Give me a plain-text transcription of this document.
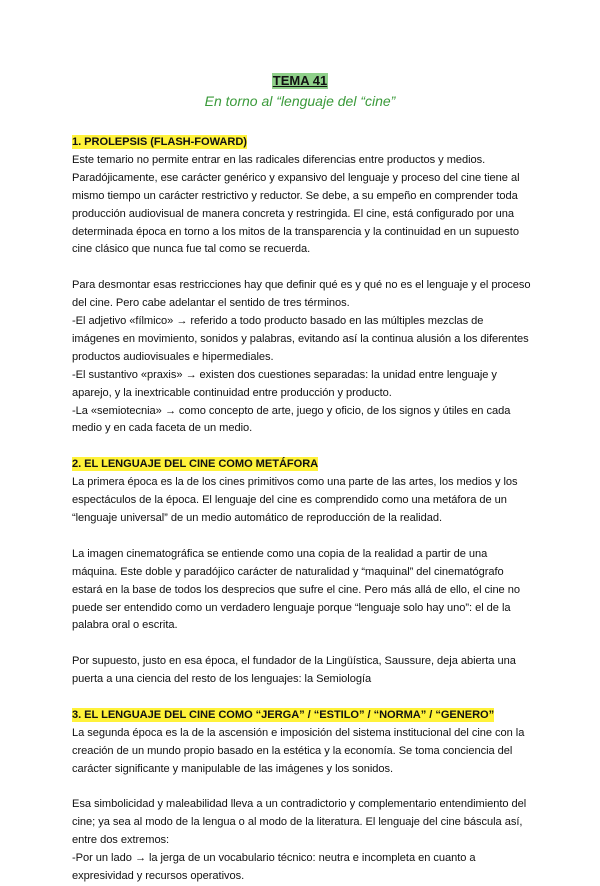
TEMA 41
En torno al “lenguaje del “cine”
1. PROLEPSIS (FLASH-FOWARD)

Este temario no permite entrar en las radicales diferencias entre productos y medios. Paradójicamente, ese carácter genérico y expansivo del lenguaje y proceso del cine tiene al mismo tiempo un carácter restrictivo y reductor. Se debe, a su empeño en comprender toda producción audiovisual de manera concreta y restringida. El cine, está configurado por una determinada época en torno a los mitos de la transparencia y la continuidad en un supuesto cine clásico que nunca fue tal como se recuerda.

Para desmontar esas restricciones hay que definir qué es y qué no es el lenguaje y el proceso del cine. Pero cabe adelantar el sentido de tres términos.
-El adjetivo «fílmico» → referido a todo producto basado en las múltiples mezclas de imágenes en movimiento, sonidos y palabras, evitando así la continua alusión a los diferentes productos audiovisuales e hipermediales.
-El sustantivo «praxis» → existen dos cuestiones separadas: la unidad entre lenguaje y aparejo, y la inextricable continuidad entre producción y producto.
-La «semiotecnia» → como concepto de arte, juego y oficio, de los signos y útiles en cada medio y en cada faceta de un medio.

2. EL LENGUAJE DEL CINE COMO METÁFORA

La primera época es la de los cines primitivos como una parte de las artes, los medios y los espectáculos de la época. El lenguaje del cine es comprendido como una metáfora de un “lenguaje universal” de un medio automático de reproducción de la realidad.

La imagen cinematográfica se entiende como una copia de la realidad a partir de una máquina. Este doble y paradójico carácter de naturalidad y “maquinal” del cinematógrafo estará en la base de todos los desprecios que sufre el cine. Pero más allá de ello, el cine no puede ser entendido como un verdadero lenguaje porque “lenguaje solo hay uno”: el de la palabra oral o escrita.

Por supuesto, justo en esa época, el fundador de la Lingüística, Saussure, deja abierta una puerta a una ciencia del resto de los lenguajes: la Semiología

3. EL LENGUAJE DEL CINE COMO “JERGA” / “ESTILO” / “NORMA” / “GENERO”

La segunda época es la de la ascensión e imposición del sistema institucional del cine con la creación de un mundo propio basado en la estética y la economía. Se toma conciencia del carácter significante y manipulable de las imágenes y los sonidos.

Esa simbolicidad y maleabilidad lleva a un contradictorio y complementario entendimiento del cine; ya sea al modo de la lengua o al modo de la literatura. El lenguaje del cine báscula así, entre dos extremos:
-Por un lado → la jerga de un vocabulario técnico: neutra e incompleta en cuanto a expresividad y recursos operativos.
